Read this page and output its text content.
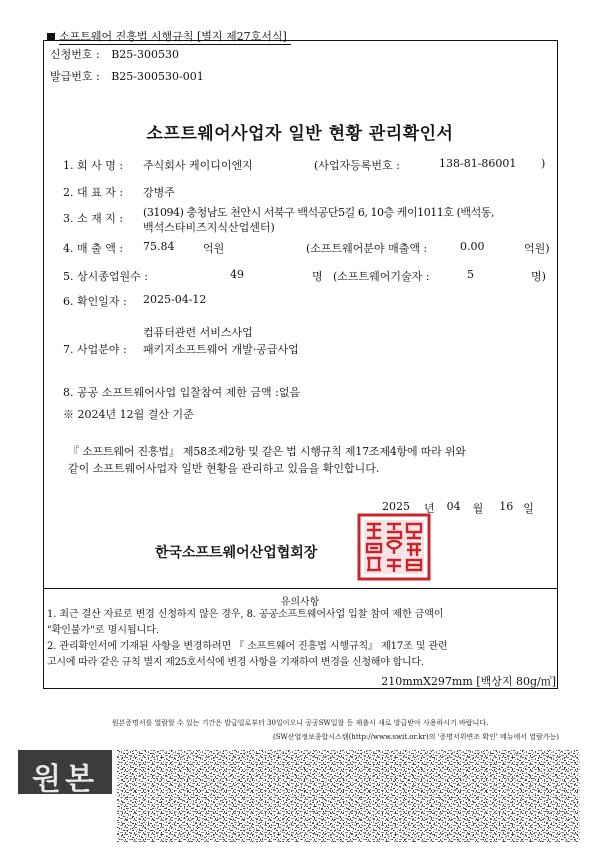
소프트웨어 진흥법 시행규칙 [별지 제27호서식]
신청번호 : B25-300530
발급번호 : B25-300530-001
소프트웨어사업자 일반 현황 관리확인서
1. 회 사 명 : 주식회사 케이디이엔지	(사업자등록번호 :	138-81-86001 )
2. 대 표 자 : 강병주
3. 소 재 지 : (31094) 충청남도 천안시 서북구 백석공단5길 6, 10층 케이1011호 (백석동,
백석스타비즈지식산업센터)
4. 매 출 액 : 75.84	억원	(소프트웨어분야 매출액 :	0.00	억원)
5. 상시종업원수 :	49	명 (소프트웨어기술자 :	5	명)
6. 확인일자 : 2025-04-12
컴퓨터관련 서비스사업
7. 사업분야 : 패키지소프트웨어 개발·공급사업
8. 공공 소프트웨어사업 입찰참여 제한 금액 :없음
※ 2024년 12월 결산 기준
『 소프트웨어 진흥법』 제58조제2항 및 같은 법 시행규칙 제17조제4항에 따라 위와
같이 소프트웨어사업자 일반 현황을 관리하고 있음을 확인합니다.
2025 년 04 월 16 일
한국소프트웨어산업협회장
유의사항
1. 최근 결산 자료로 변경 신청하지 않은 경우, 8. 공공소프트웨어사업 입찰 참여 제한 금액이
"확인불가"로 명시됩니다.
2. 관리확인서에 기재된 사항을 변경하려면 『 소프트웨어 진흥법 시행규칙』 제17조 및 관련
고시에 따라 같은 규칙 별지 제25호서식에 변경 사항을 기재하여 변경을 신청해야 합니다.
210mmX297mm [백상지 80g/㎡]
원본증명서를 열람할 수 있는 기간은 발급일로부터 30일이오니 공공SW입찰 등 제출시 새로 발급받아 사용하시기 바랍니다.
(SW산업정보종합시스템(http://www.swit.or.kr)의 '증명서위변조 확인' 메뉴에서 열람가능)
원본
